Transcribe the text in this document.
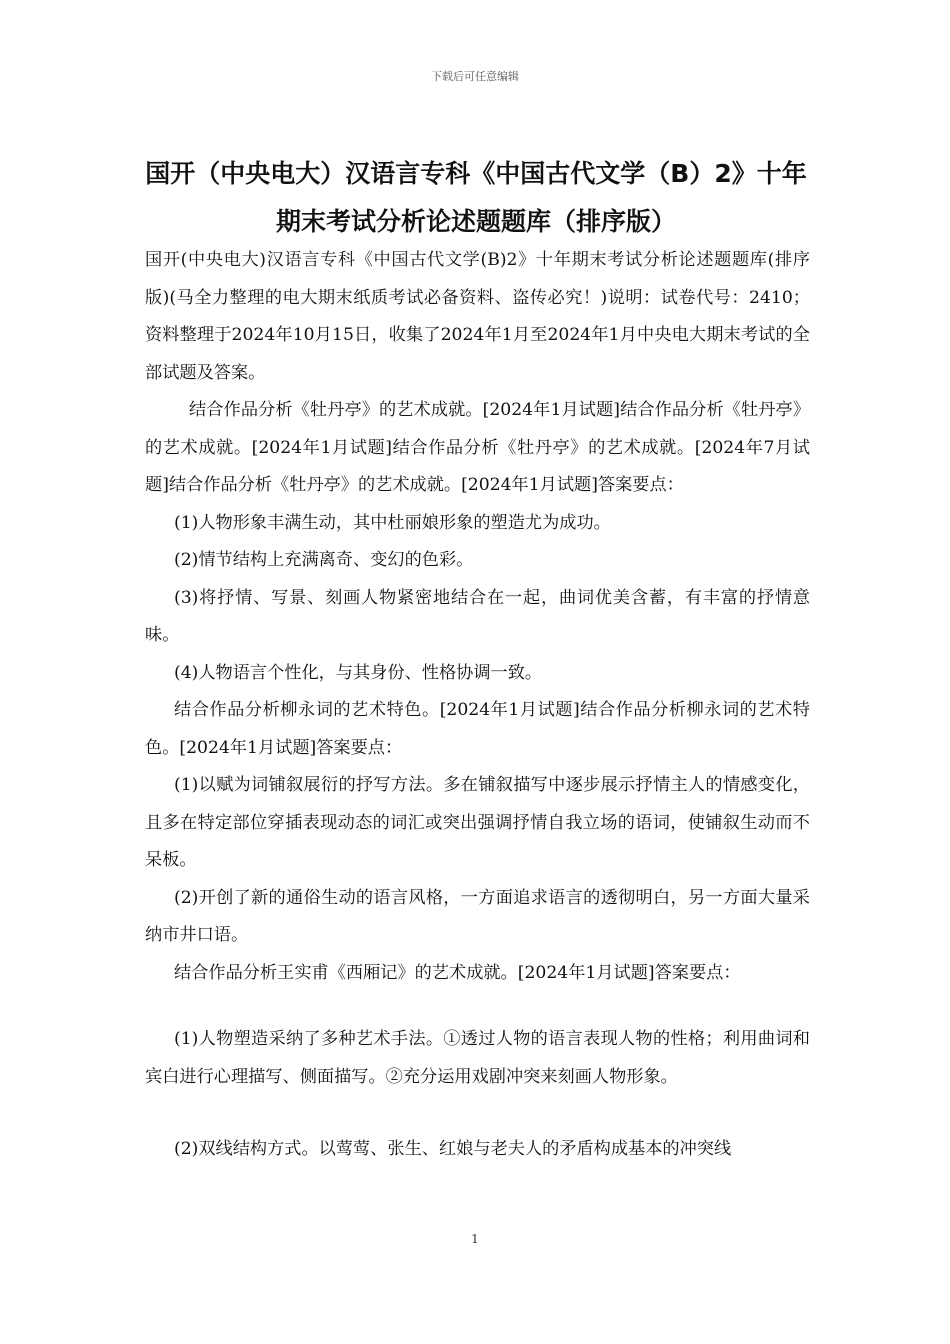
下载后可任意编辑
国开（中央电大）汉语言专科《中国古代文学（B）2》十年期末考试分析论述题题库（排序版）

国开(中央电大)汉语言专科《中国古代文学(B)2》十年期末考试分析论述题题库(排序版)(马全力整理的电大期末纸质考试必备资料、盗传必究！)说明：试卷代号：2410；资料整理于2024年10月15日，收集了2024年1月至2024年1月中央电大期末考试的全部试题及答案。

结合作品分析《牡丹亭》的艺术成就。[2024年1月试题]结合作品分析《牡丹亭》的艺术成就。[2024年1月试题]结合作品分析《牡丹亭》的艺术成就。[2024年7月试题]结合作品分析《牡丹亭》的艺术成就。[2024年1月试题]答案要点：

(1)人物形象丰满生动，其中杜丽娘形象的塑造尤为成功。

(2)情节结构上充满离奇、变幻的色彩。

(3)将抒情、写景、刻画人物紧密地结合在一起，曲词优美含蓄，有丰富的抒情意味。

(4)人物语言个性化，与其身份、性格协调一致。

结合作品分析柳永词的艺术特色。[2024年1月试题]结合作品分析柳永词的艺术特色。[2024年1月试题]答案要点：

(1)以赋为词铺叙展衍的抒写方法。多在铺叙描写中逐步展示抒情主人的情感变化，且多在特定部位穿插表现动态的词汇或突出强调抒情自我立场的语词，使铺叙生动而不呆板。

(2)开创了新的通俗生动的语言风格，一方面追求语言的透彻明白，另一方面大量采纳市井口语。

结合作品分析王实甫《西厢记》的艺术成就。[2024年1月试题]答案要点：

(1)人物塑造采纳了多种艺术手法。①透过人物的语言表现人物的性格；利用曲词和宾白进行心理描写、侧面描写。②充分运用戏剧冲突来刻画人物形象。

(2)双线结构方式。以莺莺、张生、红娘与老夫人的矛盾构成基本的冲突线

1
